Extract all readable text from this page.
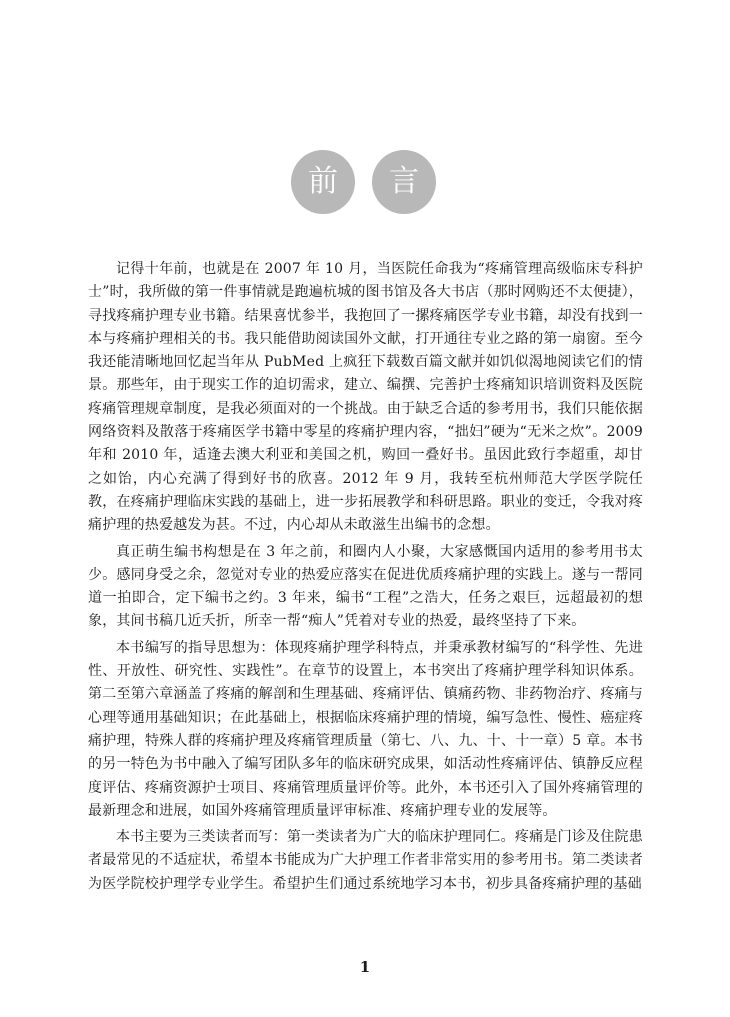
前	言

记得十年前，也就是在 2007 年 10 月，当医院任命我为“疼痛管理高级临床专科护士”时，我所做的第一件事情就是跑遍杭城的图书馆及各大书店（那时网购还不太便捷），寻找疼痛护理专业书籍。结果喜忧参半，我抱回了一摞疼痛医学专业书籍，却没有找到一本与疼痛护理相关的书。我只能借助阅读国外文献，打开通往专业之路的第一扇窗。至今我还能清晰地回忆起当年从 PubMed 上疯狂下载数百篇文献并如饥似渴地阅读它们的情景。那些年，由于现实工作的迫切需求，建立、编撰、完善护士疼痛知识培训资料及医院疼痛管理规章制度，是我必须面对的一个挑战。由于缺乏合适的参考用书，我们只能依据网络资料及散落于疼痛医学书籍中零星的疼痛护理内容，“拙妇”硬为“无米之炊”。2009 年和 2010 年，适逢去澳大利亚和美国之机，购回一叠好书。虽因此致行李超重，却甘之如饴，内心充满了得到好书的欣喜。2012 年 9 月，我转至杭州师范大学医学院任教，在疼痛护理临床实践的基础上，进一步拓展教学和科研思路。职业的变迁，令我对疼痛护理的热爱越发为甚。不过，内心却从未敢滋生出编书的念想。

真正萌生编书构想是在 3 年之前，和圈内人小聚，大家感慨国内适用的参考用书太少。感同身受之余，忽觉对专业的热爱应落实在促进优质疼痛护理的实践上。遂与一帮同道一拍即合，定下编书之约。3 年来，编书“工程”之浩大，任务之艰巨，远超最初的想象，其间书稿几近夭折，所幸一帮“痴人”凭着对专业的热爱，最终坚持了下来。

本书编写的指导思想为：体现疼痛护理学科特点，并秉承教材编写的“科学性、先进性、开放性、研究性、实践性”。在章节的设置上，本书突出了疼痛护理学科知识体系。第二至第六章涵盖了疼痛的解剖和生理基础、疼痛评估、镇痛药物、非药物治疗、疼痛与心理等通用基础知识；在此基础上，根据临床疼痛护理的情境，编写急性、慢性、癌症疼痛护理，特殊人群的疼痛护理及疼痛管理质量（第七、八、九、十、十一章）5 章。本书的另一特色为书中融入了编写团队多年的临床研究成果，如活动性疼痛评估、镇静反应程度评估、疼痛资源护士项目、疼痛管理质量评价等。此外，本书还引入了国外疼痛管理的最新理念和进展，如国外疼痛管理质量评审标准、疼痛护理专业的发展等。

本书主要为三类读者而写：第一类读者为广大的临床护理同仁。疼痛是门诊及住院患者最常见的不适症状，希望本书能成为广大护理工作者非常实用的参考用书。第二类读者为医学院校护理学专业学生。希望护生们通过系统地学习本书，初步具备疼痛护理的基础

1
